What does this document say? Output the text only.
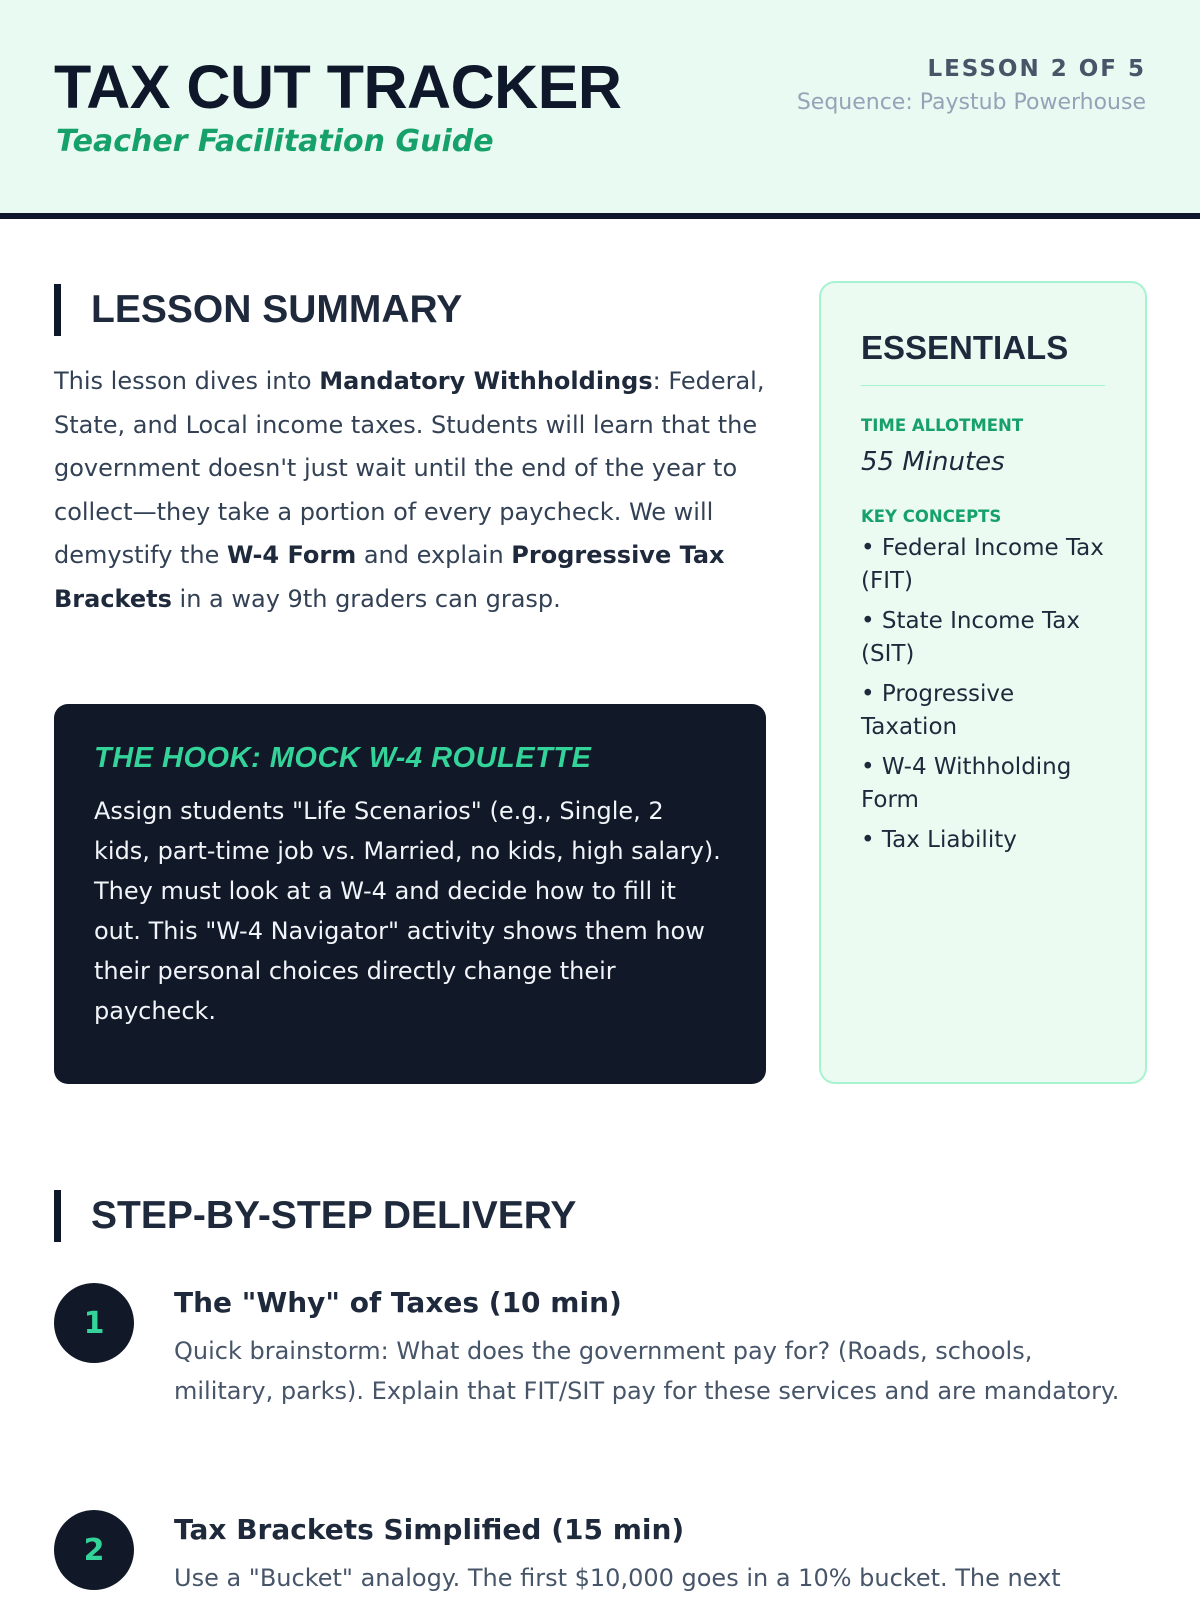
TAX CUT TRACKER
Teacher Facilitation Guide
LESSON 2 OF 5
Sequence: Paystub Powerhouse
LESSON SUMMARY

This lesson dives into Mandatory Withholdings: Federal, State, and Local income taxes. Students will learn that the government doesn't just wait until the end of the year to collect—they take a portion of every paycheck. We will demystify the W-4 Form and explain Progressive Tax Brackets in a way 9th graders can grasp.

THE HOOK: MOCK W-4 ROULETTE

Assign students "Life Scenarios" (e.g., Single, 2 kids, part-time job vs. Married, no kids, high salary). They must look at a W-4 and decide how to fill it out. This "W-4 Navigator" activity shows them how their personal choices directly change their paycheck.

ESSENTIALS
TIME ALLOTMENT
55 Minutes
KEY CONCEPTS
• Federal Income Tax (FIT)
• State Income Tax (SIT)
• Progressive Taxation
• W-4 Withholding Form
• Tax Liability
STEP-BY-STEP DELIVERY
1
The "Why" of Taxes (10 min)

Quick brainstorm: What does the government pay for? (Roads, schools, military, parks). Explain that FIT/SIT pay for these services and are mandatory.

2
Tax Brackets Simplified (15 min)

Use a "Bucket" analogy. The first $10,000 goes in a 10% bucket. The next
